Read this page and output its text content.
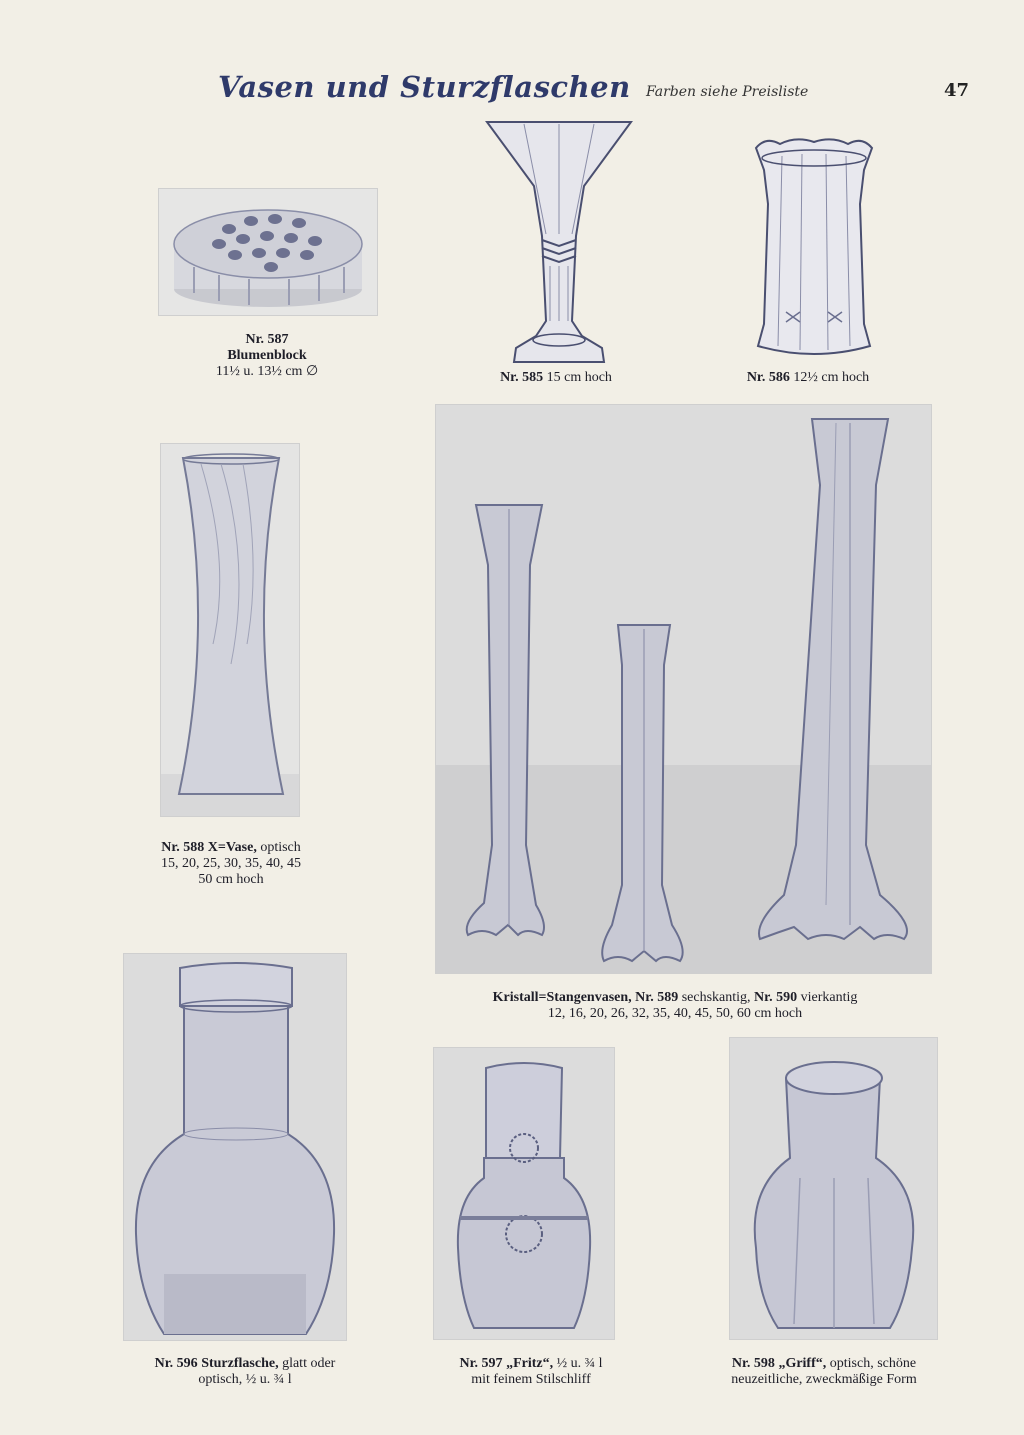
Vasen und Sturzflaschen Farben siehe Preisliste	47
Nr. 587
Blumenblock
11½ u. 13½ cm ∅	Nr. 585 15 cm hoch	Nr. 586 12½ cm hoch
Nr. 588 X=Vase, optisch
15, 20, 25, 30, 35, 40, 45
50 cm hoch
Kristall=Stangenvasen, Nr. 589 sechskantig, Nr. 590 vierkantig
12, 16, 20, 26, 32, 35, 40, 45, 50, 60 cm hoch
Nr. 596 Sturzflasche, glatt oder
optisch, ½ u. ¾ l
Nr. 597 „Fritz“, ½ u. ¾ l
mit feinem Stilschliff
Nr. 598 „Griff“, optisch, schöne
neuzeitliche, zweckmäßige Form
